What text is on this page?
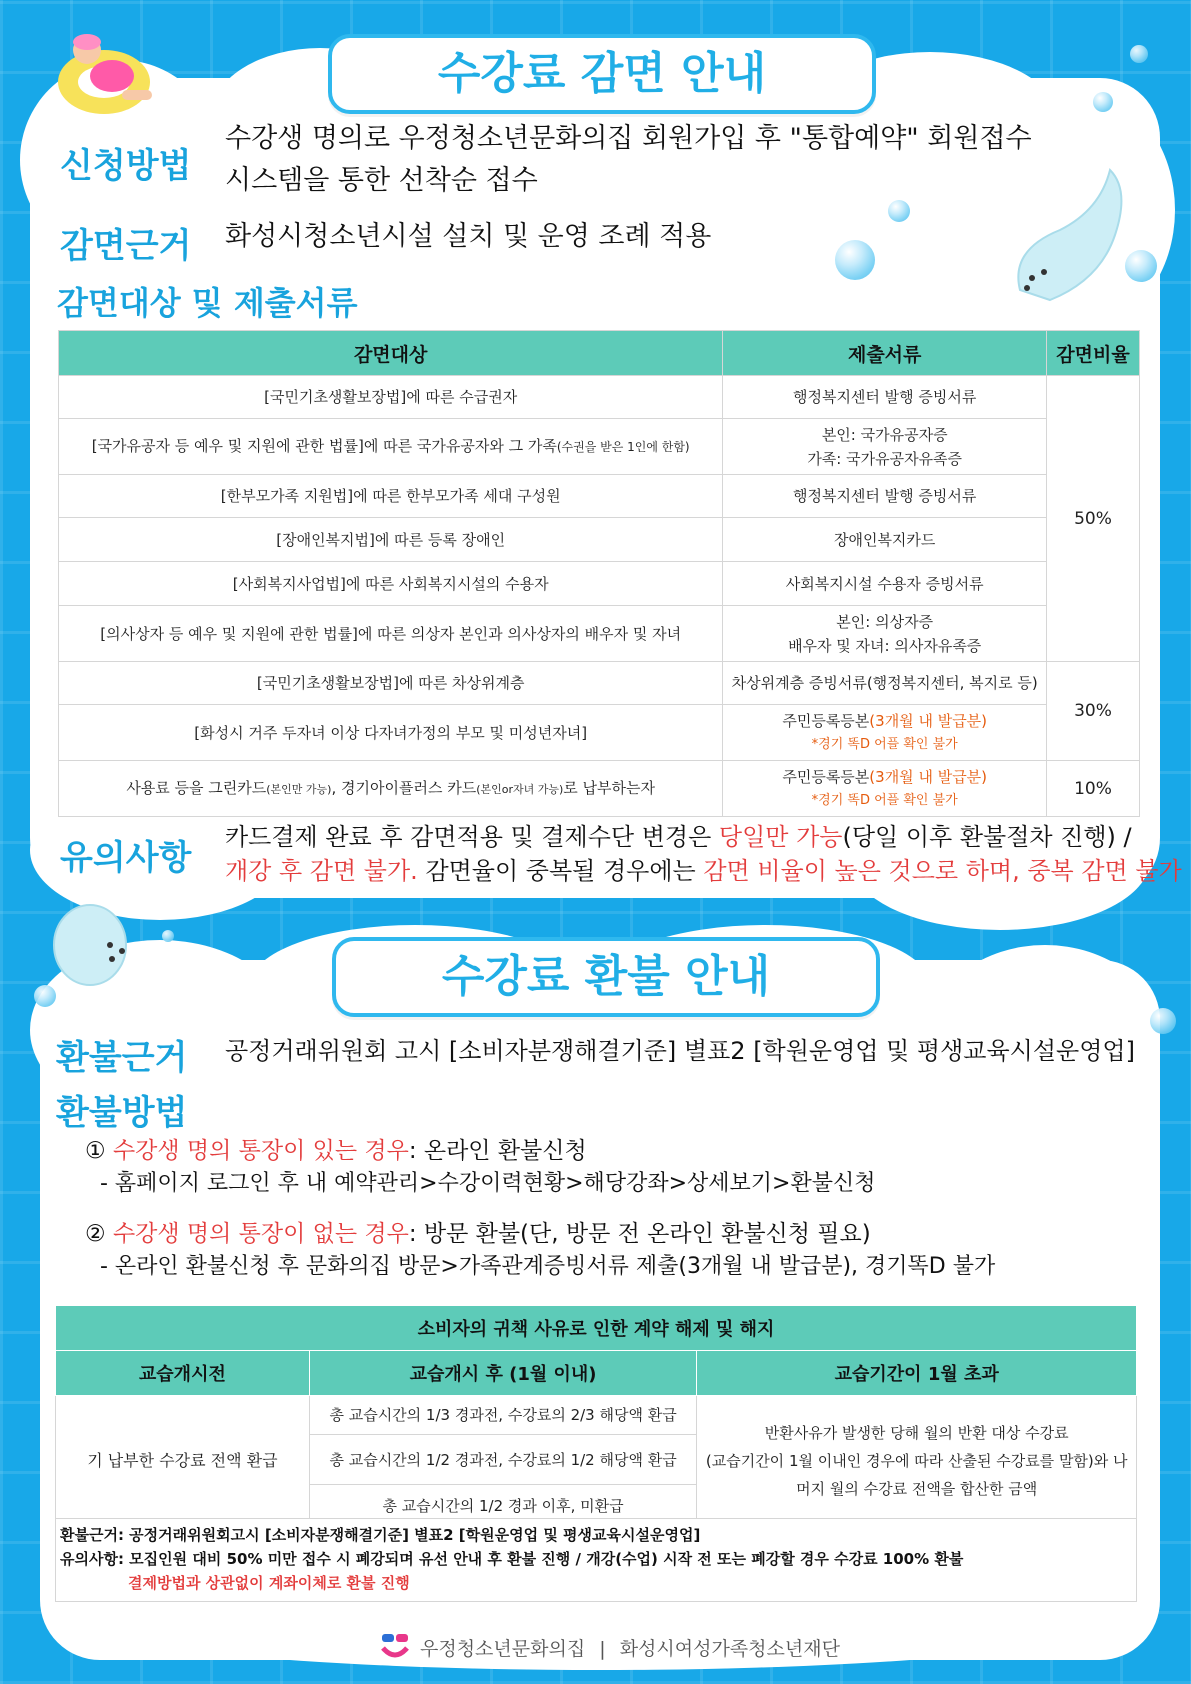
수강료 감면 안내
신청방법
수강생 명의로 우정청소년문화의집 회원가입 후 "통합예약" 회원접수
시스템을 통한 선착순 접수
감면근거 화성시청소년시설 설치 및 운영 조례 적용
감면대상 및 제출서류
감면대상	제출서류	감면비율
[국민기초생활보장법]에 따른 수급권자	행정복지센터 발행 증빙서류	50%
[국가유공자 등 예우 및 지원에 관한 법률]에 따른 국가유공자와 그 가족(수권을 받은 1인에 한함)	본인: 국가유공자증
가족: 국가유공자유족증	

[한부모가족 지원법]에 따른 한부모가족 세대 구성원	행정복지센터 발행 증빙서류	
[장애인복지법]에 따른 등록 장애인	장애인복지카드	
[사회복지사업법]에 따른 사회복지시설의 수용자	사회복지시설 수용자 증빙서류	
[의사상자 등 예우 및 지원에 관한 법률]에 따른 의상자 본인과 의사상자의 배우자 및 자녀	본인: 의상자증
배우자 및 자녀: 의사자유족증	

[국민기초생활보장법]에 따른 차상위계층	차상위계층 증빙서류(행정복지센터, 복지로 등)	30%
[화성시 거주 두자녀 이상 다자녀가정의 부모 및 미성년자녀]	주민등록등본(3개월 내 발급분)
*경기 똑D 어플 확인 불가	

사용료 등을 그린카드(본인만 가능), 경기아이플러스 카드(본인or자녀 가능)로 납부하는자	주민등록등본(3개월 내 발급분)
*경기 똑D 어플 확인 불가	10%
유의사항
카드결제 완료 후 감면적용 및 결제수단 변경은 당일만 가능(당일 이후 환불절차 진행) /
개강 후 감면 불가. 감면율이 중복될 경우에는 감면 비율이 높은 것으로 하며, 중복 감면 불가
수강료 환불 안내
환불근거 공정거래위원회 고시 [소비자분쟁해결기준] 별표2 [학원운영업 및 평생교육시설운영업]
환불방법
① 수강생 명의 통장이 있는 경우: 온라인 환불신청
- 홈페이지 로그인 후 내 예약관리>수강이력현황>해당강좌>상세보기>환불신청
② 수강생 명의 통장이 없는 경우: 방문 환불(단, 방문 전 온라인 환불신청 필요)
- 온라인 환불신청 후 문화의집 방문>가족관계증빙서류 제출(3개월 내 발급분), 경기똑D 불가
소비자의 귀책 사유로 인한 계약 해제 및 해지		
교습개시전	교습개시 후 (1월 이내)	교습기간이 1월 초과
기 납부한 수강료 전액 환급	총 교습시간의 1/3 경과전, 수강료의 2/3 해당액 환급	반환사유가 발생한 당해 월의 반환 대상 수강료
(교습기간이 1월 이내인 경우에 따라 산출된 수강료를 말함)와 나
머지 월의 수강료 전액을 합산한 금액

	총 교습시간의 1/2 경과전, 수강료의 1/2 해당액 환급	
	총 교습시간의 1/2 경과 이후, 미환급	
환불근거: 공정거래위원회고시 [소비자분쟁해결기준] 별표2 [학원운영업 및 평생교육시설운영업]
유의사항: 모집인원 대비 50% 미만 접수 시 폐강되며 유선 안내 후 환불 진행 / 개강(수업) 시작 전 또는 폐강할 경우 수강료 100% 환불
결제방법과 상관없이 계좌이체로 환불 진행
우정청소년문화의집 | 화성시여성가족청소년재단
